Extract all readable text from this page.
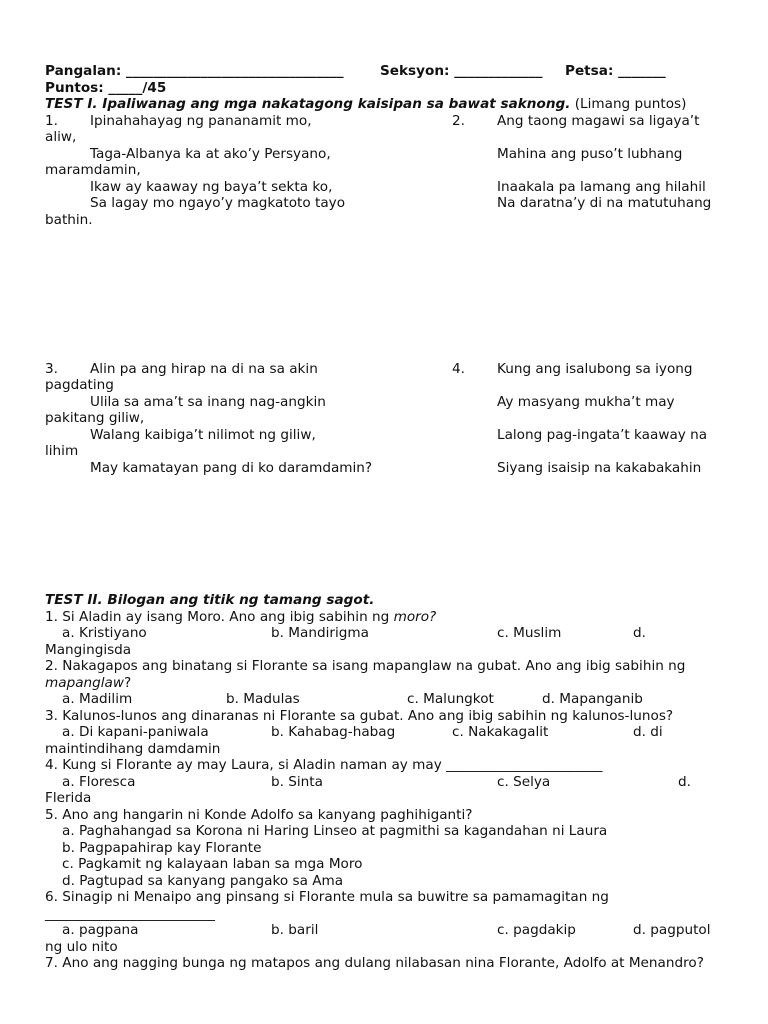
Pangalan: ________________________________	Seksyon: _____________ Petsa: _______
Puntos: _____/45
TEST I. Ipaliwanag ang mga nakatagong kaisipan sa bawat saknong. (Limang puntos)
1. Ipinahahayag ng pananamit mo,
aliw,
Taga-Albanya ka at ako’y Persyano,
maramdamin,
Ikaw ay kaaway ng baya’t sekta ko,
Sa lagay mo ngayo’y magkatoto tayo
bathin.
2. Ang taong magawi sa ligaya’t
Mahina ang puso’t lubhang
Inaakala pa lamang ang hilahil
Na daratna’y di na matutuhang
3. Alin pa ang hirap na di na sa akin
pagdating
Ulila sa ama’t sa inang nag-angkin
pakitang giliw,
Walang kaibiga’t nilimot ng giliw,
lihim
May kamatayan pang di ko daramdamin?
4. Kung ang isalubong sa iyong
Ay masyang mukha’t may
Lalong pag-ingata’t kaaway na
Siyang isaisip na kakabakahin
TEST II. Bilogan ang titik ng tamang sagot.
1. Si Aladin ay isang Moro. Ano ang ibig sabihin ng moro?
a. Kristiyano	b. Mandirigma	c. Muslim	d.
Mangingisda
2. Nakagapos ang binatang si Florante sa isang mapanglaw na gubat. Ano ang ibig sabihin ng
mapanglaw?
a. Madilim	b. Madulas	c. Malungkot	d. Mapanganib
3. Kalunos-lunos ang dinaranas ni Florante sa gubat. Ano ang ibig sabihin ng kalunos-lunos?
a. Di kapani-paniwala	b. Kahabag-habag	c. Nakakagalit	d. di
maintindihang damdamin
4. Kung si Florante ay may Laura, si Aladin naman ay may _______________________
a. Floresca	b. Sinta	c. Selya	d.
Flerida
5. Ano ang hangarin ni Konde Adolfo sa kanyang paghihiganti?
a. Paghahangad sa Korona ni Haring Linseo at pagmithi sa kagandahan ni Laura
b. Pagpapahirap kay Florante
c. Pagkamit ng kalayaan laban sa mga Moro
d. Pagtupad sa kanyang pangako sa Ama
6. Sinagip ni Menaipo ang pinsang si Florante mula sa buwitre sa pamamagitan ng
_________________________
a. pagpana	b. baril	c. pagdakip	d. pagputol
ng ulo nito
7. Ano ang nagging bunga ng matapos ang dulang nilabasan nina Florante, Adolfo at Menandro?
